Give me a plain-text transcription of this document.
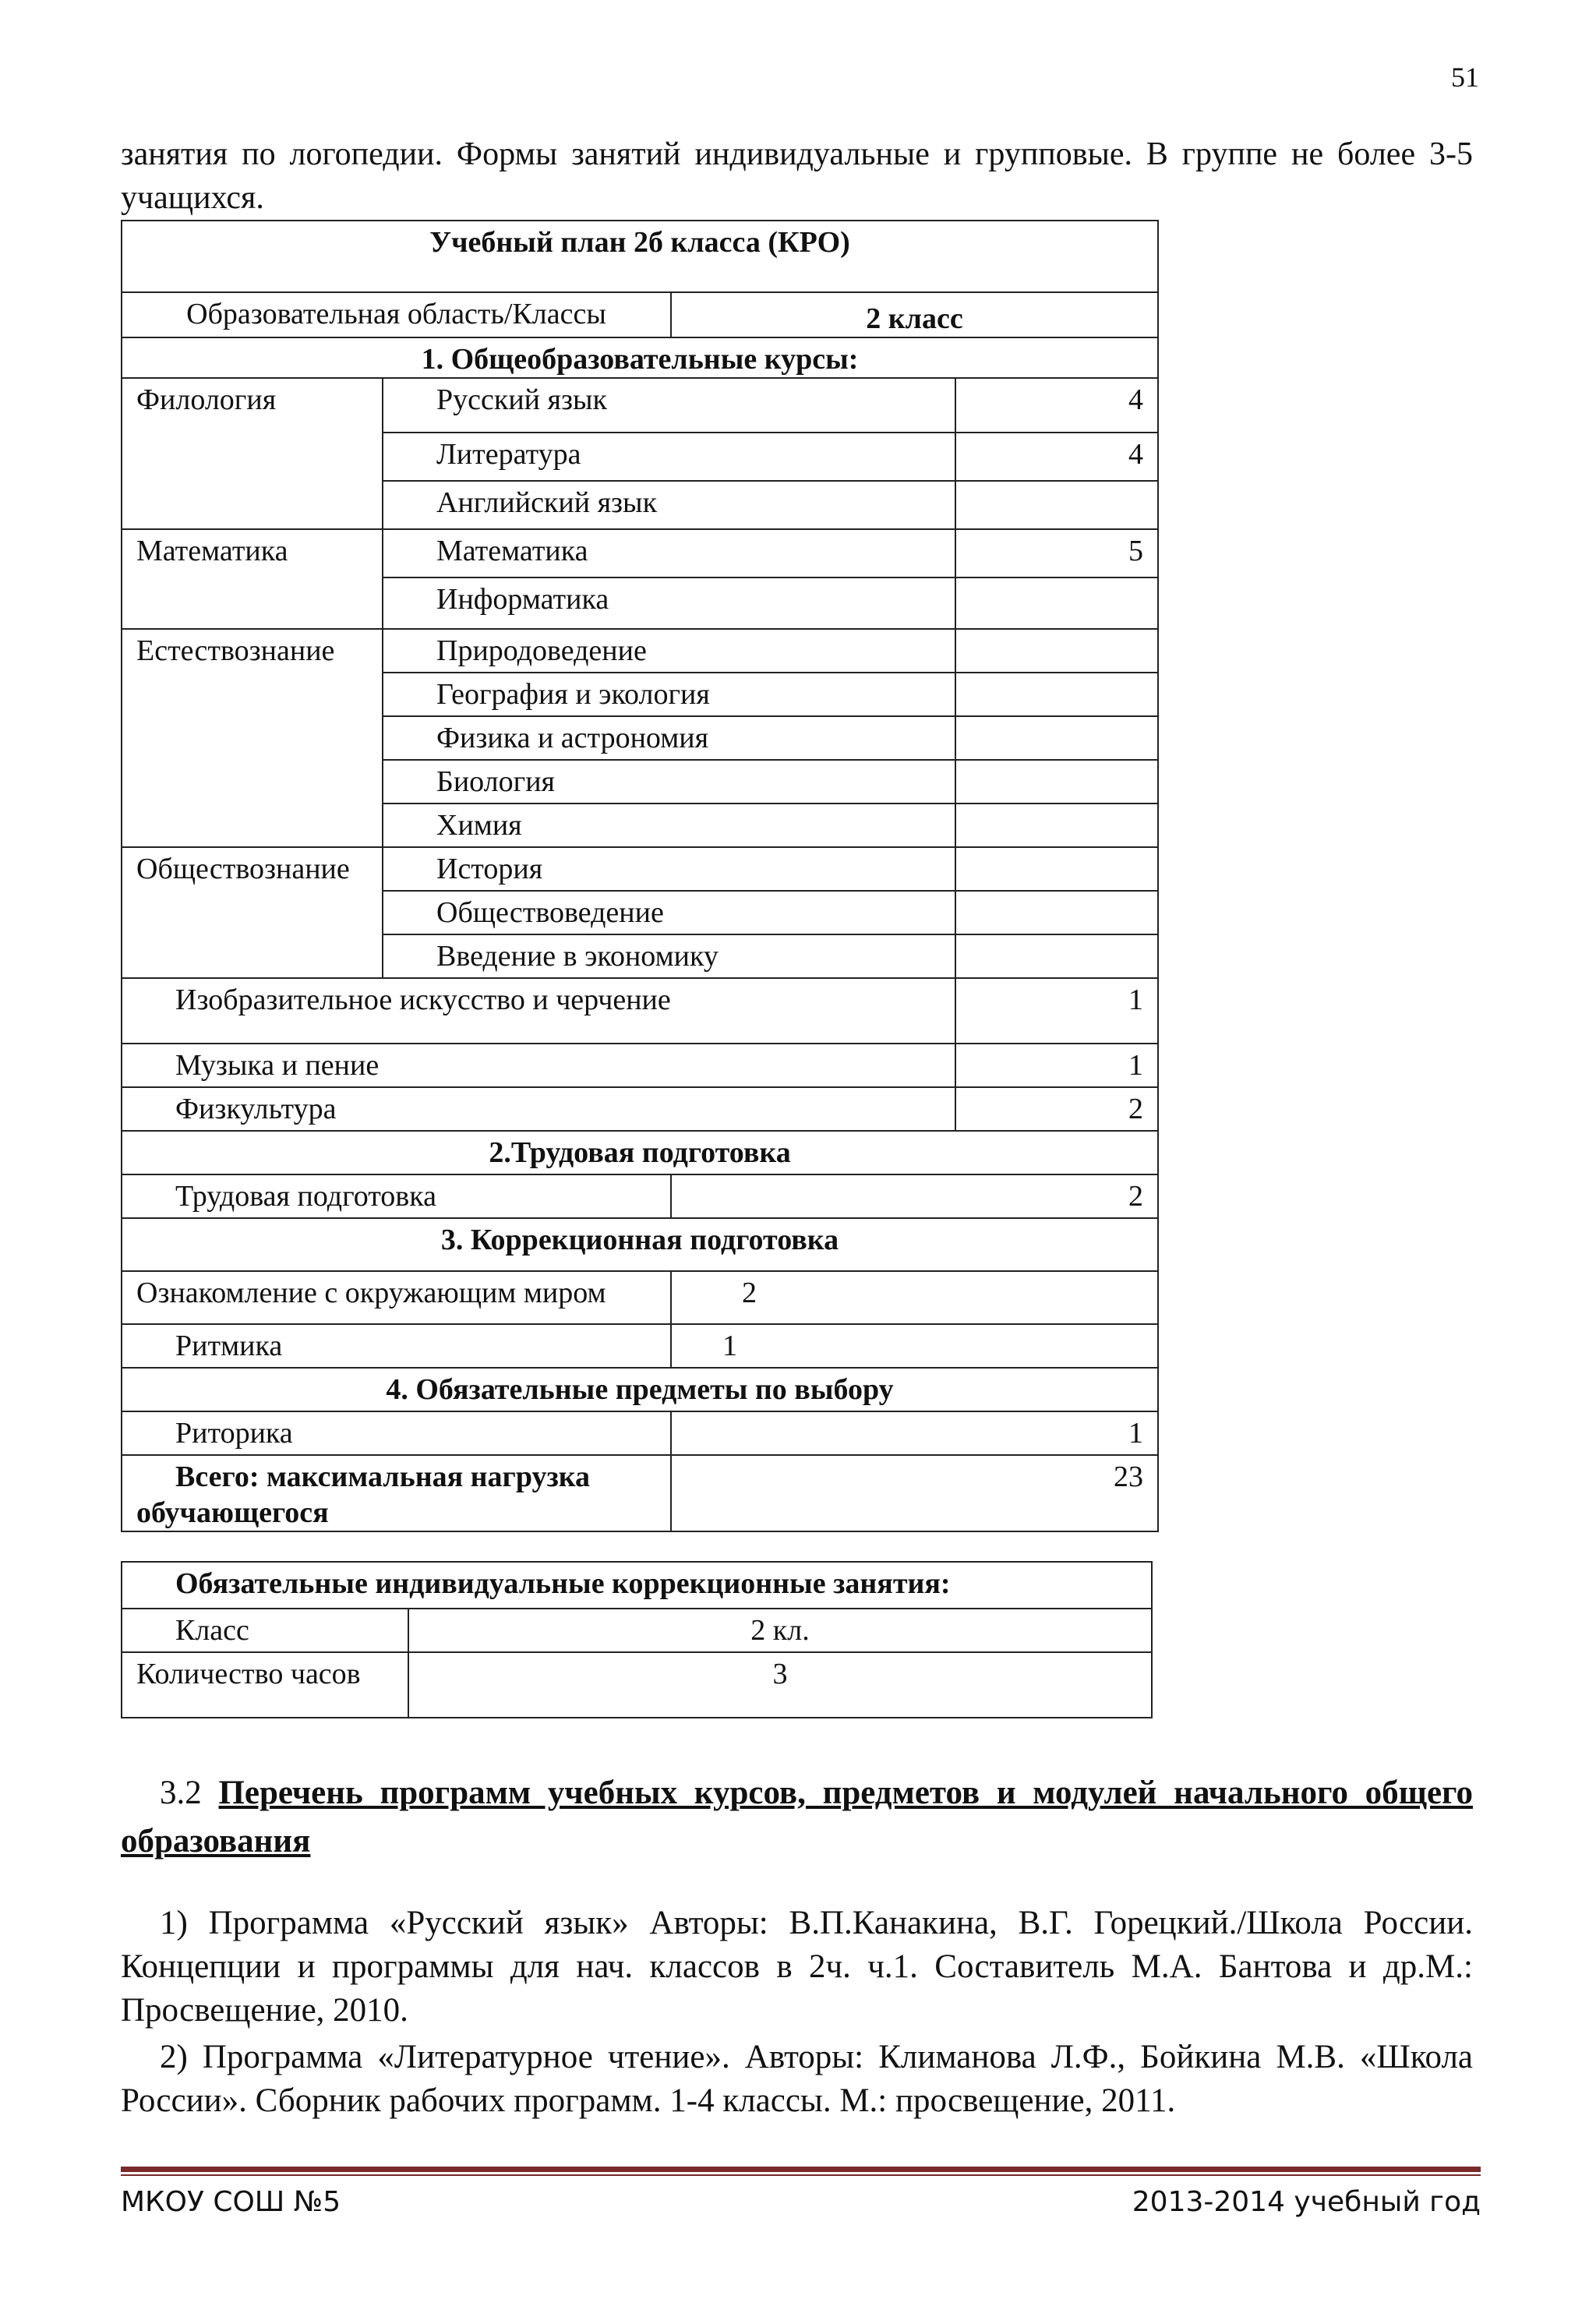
51

занятия по логопедии. Формы занятий индивидуальные и групповые. В группе не более 3-5 учащихся.

Учебный план 2б класса (КРО)			
Образовательная область/Классы		2 класс	
1. Общеобразовательные курсы:			
Филология	Русский язык		4
	Литература		4
	Английский язык		
Математика	Математика		5
	Информатика		
Естествознание	Природоведение		
	География и экология		
	Физика и астрономия		
	Биология		
	Химия		
Обществознание	История		
	Обществоведение		
	Введение в экономику		
Изобразительное искусство и черчение			1
Музыка и пение			1
Физкультура			2
2.Трудовая подготовка			
Трудовая подготовка		2	
3. Коррекционная подготовка			
Ознакомление с окружающим миром		2	
Ритмика		1	
4. Обязательные предметы по выбору			
Риторика		1	
Всего: максимальная нагрузка обучающегося		23	
Обязательные индивидуальные коррекционные занятия:	
Класс	2 кл.
Количество часов	3

3.2 Перечень программ учебных курсов, предметов и модулей начального общего образования

1) Программа «Русский язык» Авторы: В.П.Канакина, В.Г. Горецкий./Школа России. Концепции и программы для нач. классов в 2ч. ч.1. Составитель М.А. Бантова и др.М.: Просвещение, 2010.

2) Программа «Литературное чтение». Авторы: Климанова Л.Ф., Бойкина М.В. «Школа России». Сборник рабочих программ. 1-4 классы. М.: просвещение, 2011.

МКОУ СОШ №5	2013-2014 учебный год
